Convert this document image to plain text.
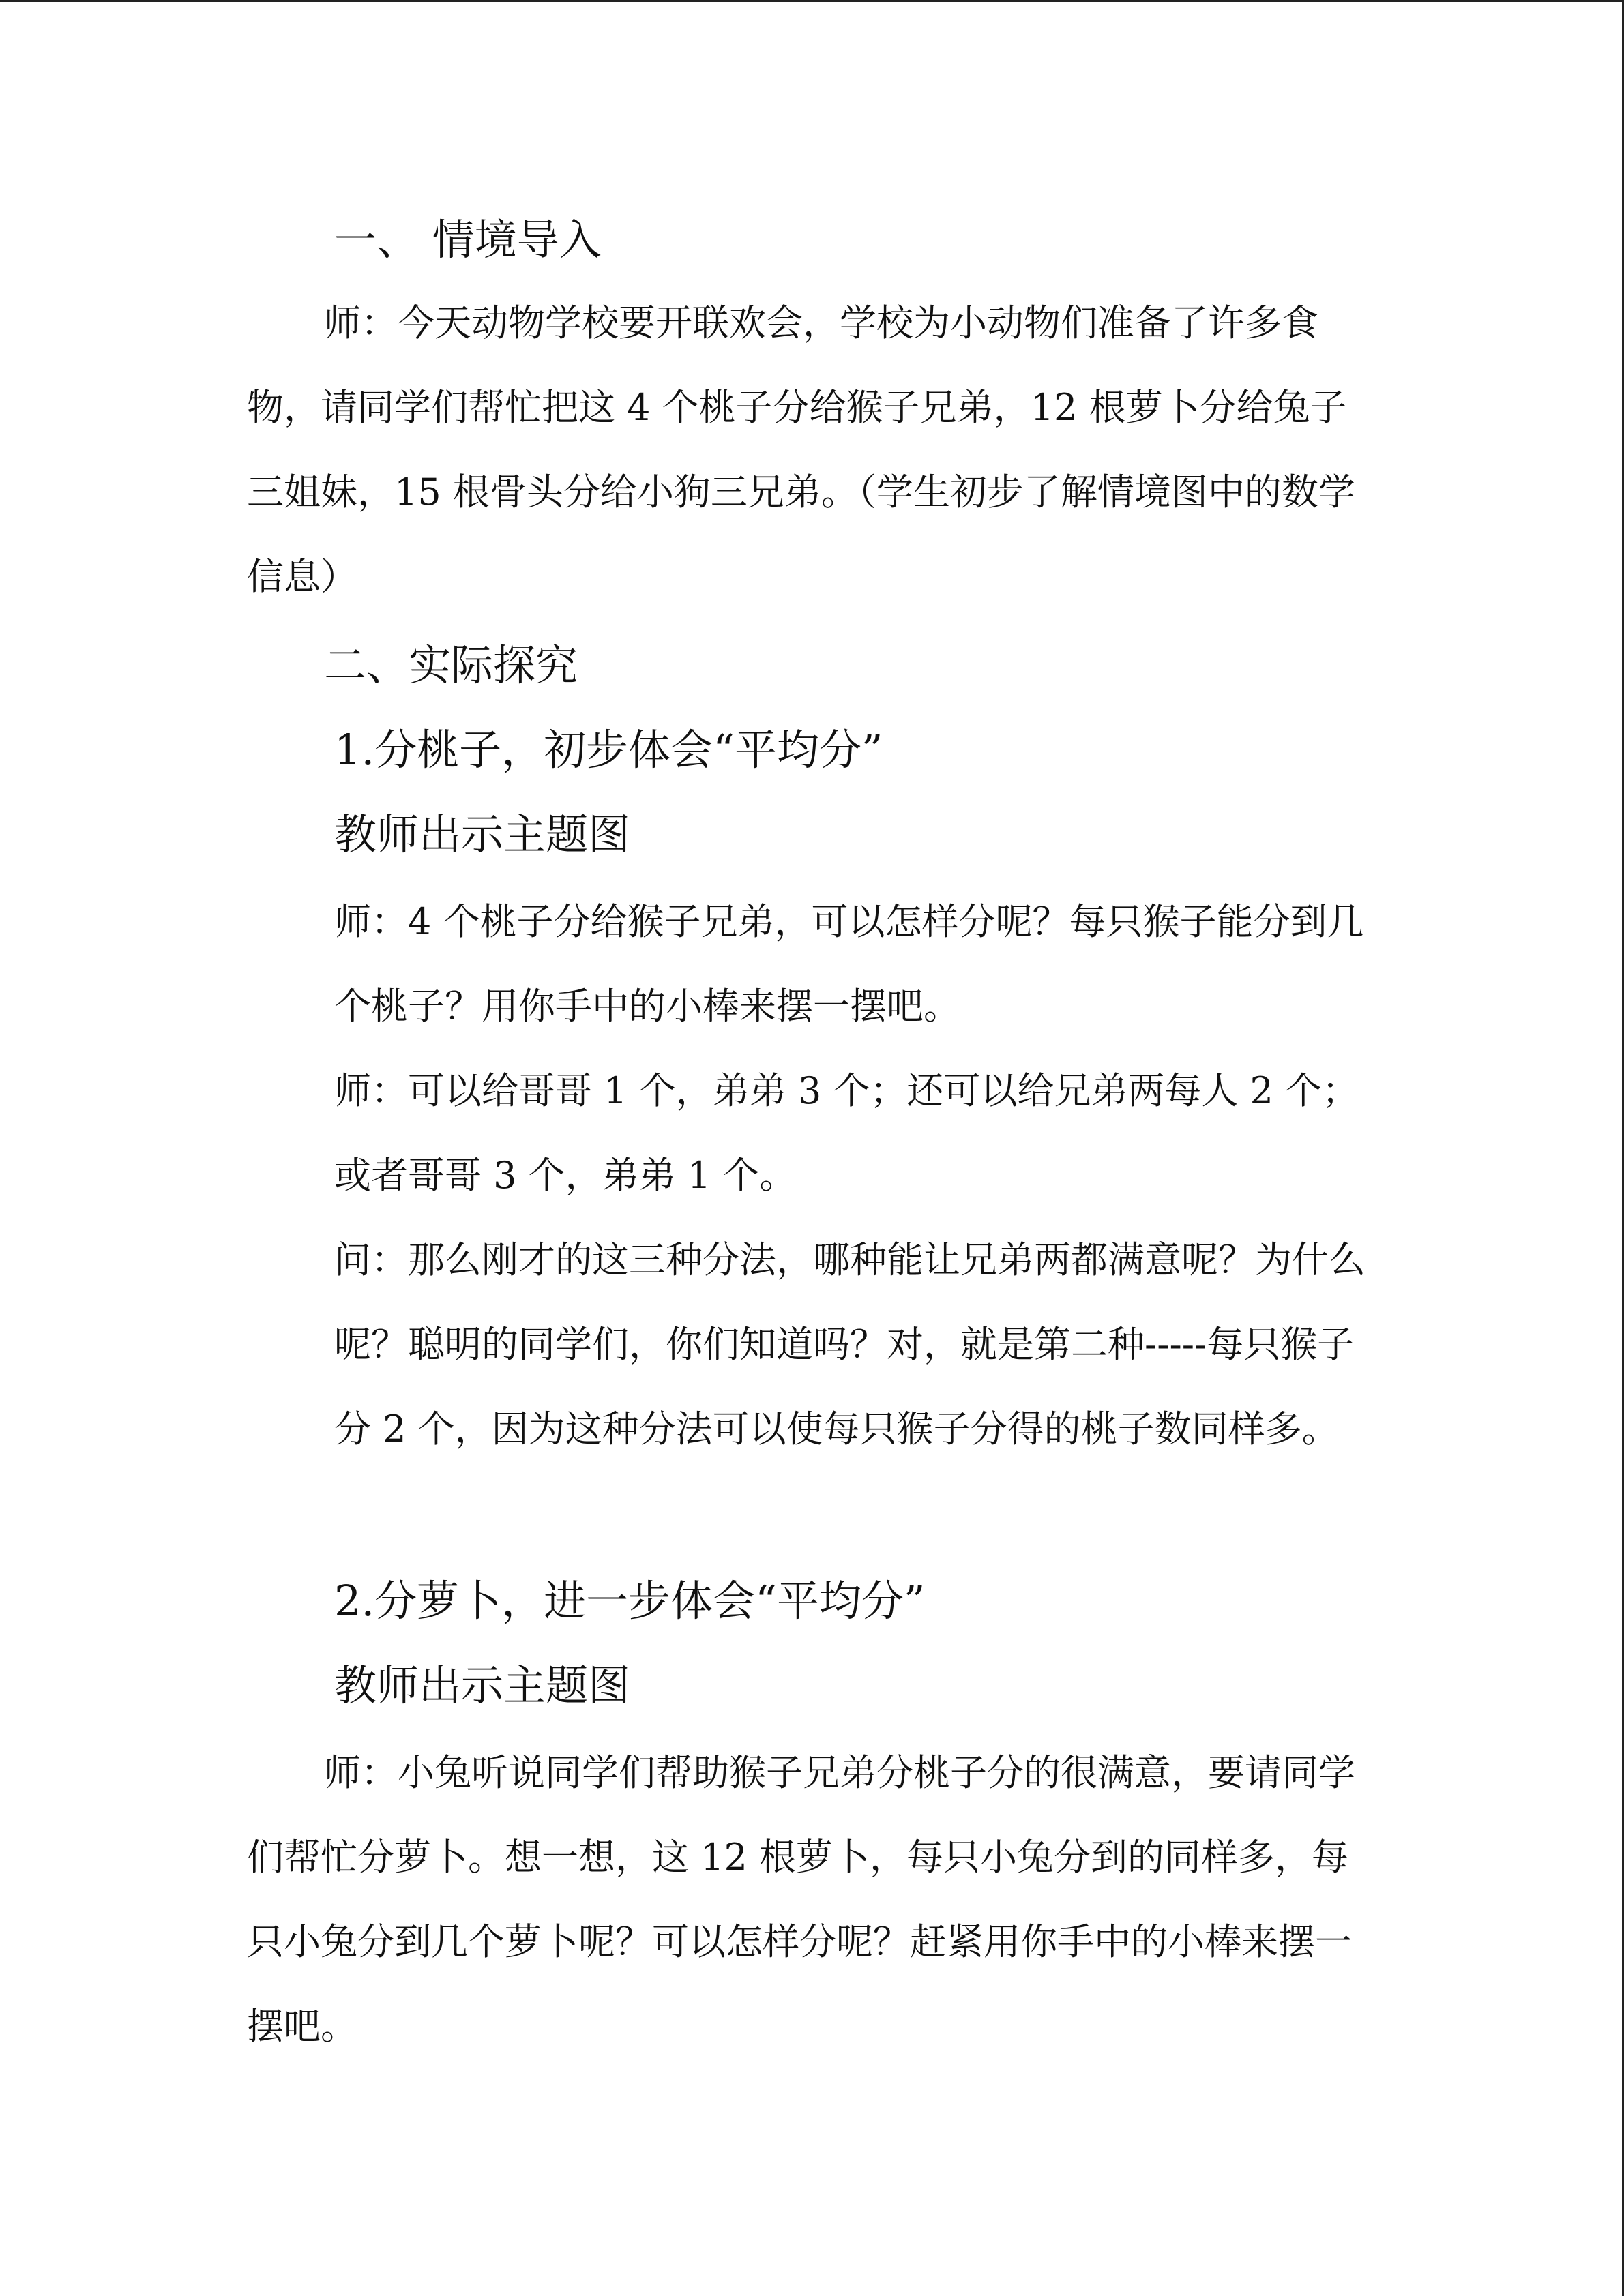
一、 情境导入

师：今天动物学校要开联欢会，学校为小动物们准备了许多食物，请同学们帮忙把这 4 个桃子分给猴子兄弟，12 根萝卜分给兔子三姐妹，15 根骨头分给小狗三兄弟。（学生初步了解情境图中的数学信息）

二、实际探究
1.分桃子，初步体会“平均分”

教师出示主题图

师：4 个桃子分给猴子兄弟，可以怎样分呢？每只猴子能分到几个桃子？用你手中的小棒来摆一摆吧。

师：可以给哥哥 1 个，弟弟 3 个；还可以给兄弟两每人 2 个；或者哥哥 3 个，弟弟 1 个。

问：那么刚才的这三种分法，哪种能让兄弟两都满意呢？为什么呢？聪明的同学们，你们知道吗？对，就是第二种-----每只猴子分 2 个，因为这种分法可以使每只猴子分得的桃子数同样多。

2.分萝卜，进一步体会“平均分”

教师出示主题图

师：小兔听说同学们帮助猴子兄弟分桃子分的很满意，要请同学们帮忙分萝卜。想一想，这 12 根萝卜，每只小兔分到的同样多，每只小兔分到几个萝卜呢？可以怎样分呢？赶紧用你手中的小棒来摆一摆吧。
